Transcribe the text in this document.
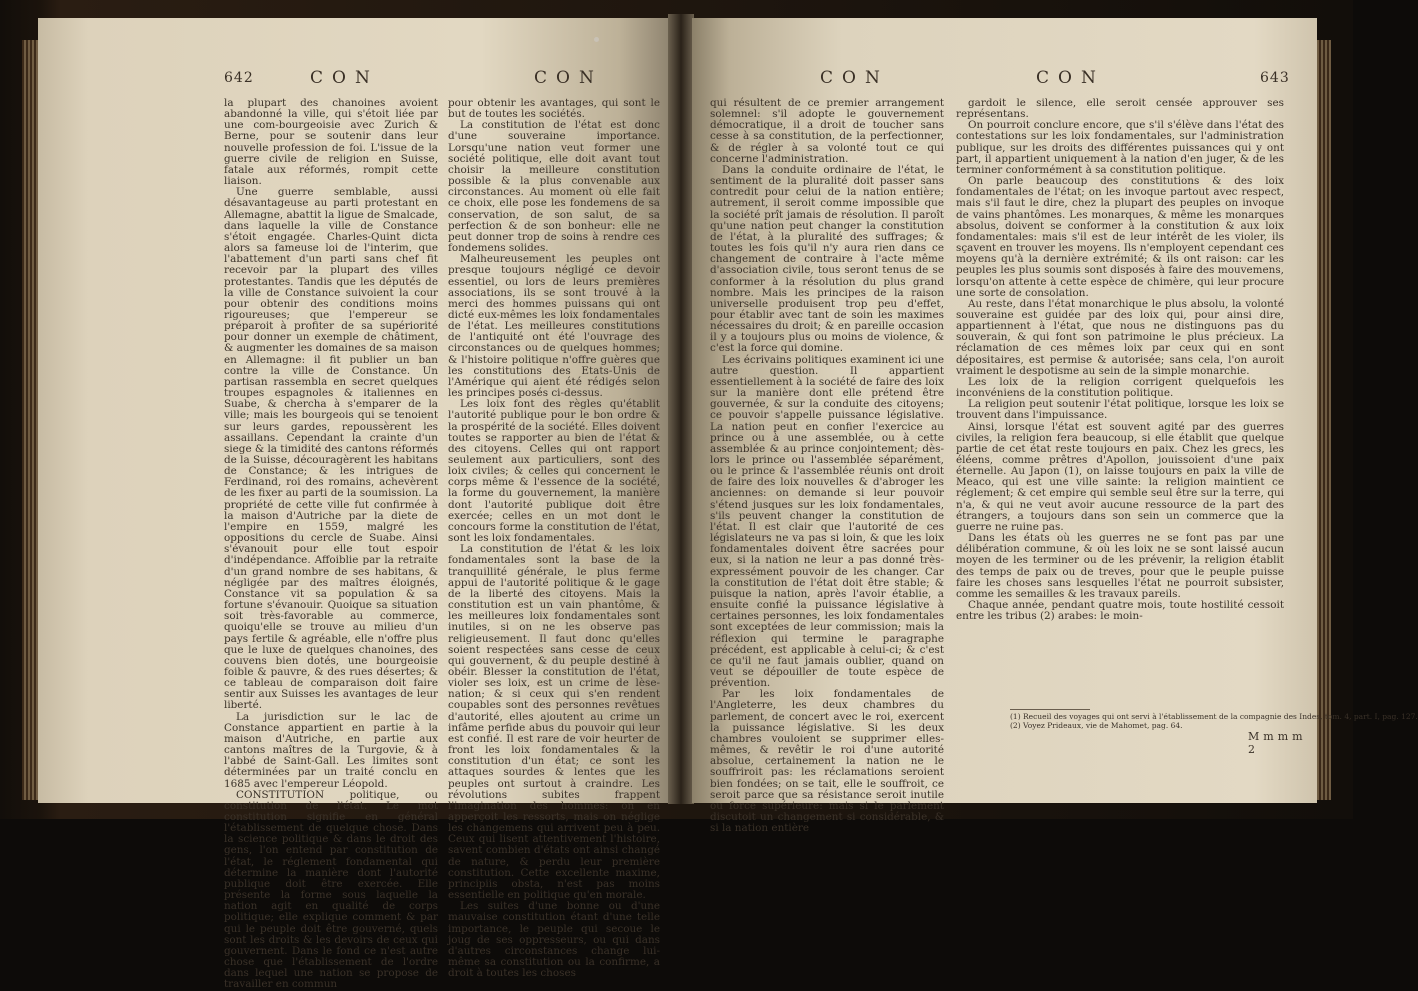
642	CON	CON

la plupart des chanoines avoient abandonné la ville, qui s'étoit liée par une com-bourgeoisie avec Zurich & Berne, pour se soutenir dans leur nouvelle profession de foi. L'issue de la guerre civile de religion en Suisse, fatale aux réformés, rompit cette liaison.

Une guerre semblable, aussi désavantageuse au parti protestant en Allemagne, abattit la ligue de Smalcade, dans laquelle la ville de Constance s'étoit engagée. Charles-Quint dicta alors sa fameuse loi de l'interim, que l'abattement d'un parti sans chef fit recevoir par la plupart des villes protestantes. Tandis que les députés de la ville de Constance suivoient la cour pour obtenir des conditions moins rigoureuses; que l'empereur se préparoit à profiter de sa supériorité pour donner un exemple de châtiment, & augmenter les domaines de sa maison en Allemagne: il fit publier un ban contre la ville de Constance. Un partisan rassembla en secret quelques troupes espagnoles & italiennes en Suabe, & chercha à s'emparer de la ville; mais les bourgeois qui se tenoient sur leurs gardes, repoussèrent les assaillans. Cependant la crainte d'un siege & la timidité des cantons réformés de la Suisse, découragèrent les habitans de Constance; & les intrigues de Ferdinand, roi des romains, achevèrent de les fixer au parti de la soumission. La propriété de cette ville fut confirmée à la maison d'Autriche par la diete de l'empire en 1559, malgré les oppositions du cercle de Suabe. Ainsi s'évanouit pour elle tout espoir d'indépendance. Affoiblie par la retraite d'un grand nombre de ses habitans, & négligée par des maîtres éloignés, Constance vit sa population & sa fortune s'évanouir. Quoique sa situation soit très-favorable au commerce, quoiqu'elle se trouve au milieu d'un pays fertile & agréable, elle n'offre plus que le luxe de quelques chanoines, des couvens bien dotés, une bourgeoisie foible & pauvre, & des rues désertes; & ce tableau de comparaison doit faire sentir aux Suisses les avantages de leur liberté.

La jurisdiction sur le lac de Constance appartient en partie à la maison d'Autriche, en partie aux cantons maîtres de la Turgovie, & à l'abbé de Saint-Gall. Les limites sont déterminées par un traité conclu en 1685 avec l'empereur Léopold.

CONSTITUTION politique, ou constitution de l'état. Le mot constitution signifie en général l'établissement de quelque chose. Dans la science politique & dans le droit des gens, l'on entend par constitution de l'état, le réglement fondamental qui détermine la manière dont l'autorité publique doit être exercée. Elle présente la forme sous laquelle la nation agit en qualité de corps politique; elle explique comment & par qui le peuple doit être gouverné, quels sont les droits & les devoirs de ceux qui gouvernent. Dans le fond ce n'est autre chose que l'établissement de l'ordre dans lequel une nation se propose de travailler en commun

pour obtenir les avantages, qui sont le but de toutes les sociétés.

La constitution de l'état est donc d'une souveraine importance. Lorsqu'une nation veut former une société politique, elle doit avant tout choisir la meilleure constitution possible & la plus convenable aux circonstances. Au moment où elle fait ce choix, elle pose les fondemens de sa conservation, de son salut, de sa perfection & de son bonheur: elle ne peut donner trop de soins à rendre ces fondemens solides.

Malheureusement les peuples ont presque toujours négligé ce devoir essentiel, ou lors de leurs premières associations, ils se sont trouvé à la merci des hommes puissans qui ont dicté eux-mêmes les loix fondamentales de l'état. Les meilleures constitutions de l'antiquité ont été l'ouvrage des circonstances ou de quelques hommes; & l'histoire politique n'offre guères que les constitutions des Etats-Unis de l'Amérique qui aient été rédigés selon les principes posés ci-dessus.

Les loix font des règles qu'établit l'autorité publique pour le bon ordre & la prospérité de la société. Elles doivent toutes se rapporter au bien de l'état & des citoyens. Celles qui ont rapport seulement aux particuliers, sont des loix civiles; & celles qui concernent le corps même & l'essence de la société, la forme du gouvernement, la manière dont l'autorité publique doit être exercée; celles en un mot dont le concours forme la constitution de l'état, sont les loix fondamentales.

La constitution de l'état & les loix fondamentales sont la base de la tranquillité générale, le plus ferme appui de l'autorité politique & le gage de la liberté des citoyens. Mais la constitution est un vain phantôme, & les meilleures loix fondamentales sont inutiles, si on ne les observe pas religieusement. Il faut donc qu'elles soient respectées sans cesse de ceux qui gouvernent, & du peuple destiné à obéir. Blesser la constitution de l'état, violer ses loix, est un crime de lèse-nation; & si ceux qui s'en rendent coupables sont des personnes revêtues d'autorité, elles ajoutent au crime un infâme perfide abus du pouvoir qui leur est confié. Il est rare de voir heurter de front les loix fondamentales & la constitution d'un état; ce sont les attaques sourdes & lentes que les peuples ont surtout à craindre. Les révolutions subites frappent l'imagination des hommes: on en apperçoit les ressorts, mais on néglige les changemens qui arrivent peu à peu. Ceux qui lisent attentivement l'histoire, savent combien d'états ont ainsi changé de nature, & perdu leur première constitution. Cette excellente maxime, principiis obsta, n'est pas moins essentielle en politique qu'en morale.

Les suites d'une bonne ou d'une mauvaise constitution étant d'une telle importance, le peuple qui secoue le joug de ses oppresseurs, ou qui dans d'autres circonstances change lui-même sa constitution ou la confirme, a droit à toutes les choses

CON	CON	643

qui résultent de ce premier arrangement solemnel: s'il adopte le gouvernement démocratique, il a droit de toucher sans cesse à sa constitution, de la perfectionner, & de régler à sa volonté tout ce qui concerne l'administration.

Dans la conduite ordinaire de l'état, le sentiment de la pluralité doit passer sans contredit pour celui de la nation entière; autrement, il seroit comme impossible que la société prît jamais de résolution. Il paroît qu'une nation peut changer la constitution de l'état, à la pluralité des suffrages; & toutes les fois qu'il n'y aura rien dans ce changement de contraire à l'acte même d'association civile, tous seront tenus de se conformer à la résolution du plus grand nombre. Mais les principes de la raison universelle produisent trop peu d'effet, pour établir avec tant de soin les maximes nécessaires du droit; & en pareille occasion il y a toujours plus ou moins de violence, & c'est la force qui domine.

Les écrivains politiques examinent ici une autre question. Il appartient essentiellement à la société de faire des loix sur la manière dont elle prétend être gouvernée, & sur la conduite des citoyens; ce pouvoir s'appelle puissance législative. La nation peut en confier l'exercice au prince ou à une assemblée, ou à cette assemblée & au prince conjointement; dès-lors le prince ou l'assemblée séparément, ou le prince & l'assemblée réunis ont droit de faire des loix nouvelles & d'abroger les anciennes: on demande si leur pouvoir s'étend jusques sur les loix fondamentales, s'ils peuvent changer la constitution de l'état. Il est clair que l'autorité de ces législateurs ne va pas si loin, & que les loix fondamentales doivent être sacrées pour eux, si la nation ne leur a pas donné très-expressément pouvoir de les changer. Car la constitution de l'état doit être stable; & puisque la nation, après l'avoir établie, a ensuite confié la puissance législative à certaines personnes, les loix fondamentales sont exceptées de leur commission; mais la réflexion qui termine le paragraphe précédent, est applicable à celui-ci; & c'est ce qu'il ne faut jamais oublier, quand on veut se dépouiller de toute espèce de prévention.

Par les loix fondamentales de l'Angleterre, les deux chambres du parlement, de concert avec le roi, exercent la puissance législative. Si les deux chambres vouloient se supprimer elles-mêmes, & revêtir le roi d'une autorité absolue, certainement la nation ne le souffriroit pas: les réclamations seroient bien fondées; on se tait, elle le souffroit, ce seroit parce que sa résistance seroit inutile ou force supérieure: mais si le parlement discutoit un changement si considérable, & si la nation entière

gardoit le silence, elle seroit censée approuver ses représentans.

On pourroit conclure encore, que s'il s'élève dans l'état des contestations sur les loix fondamentales, sur l'administration publique, sur les droits des différentes puissances qui y ont part, il appartient uniquement à la nation d'en juger, & de les terminer conformément à sa constitution politique.

On parle beaucoup des constitutions & des loix fondamentales de l'état; on les invoque partout avec respect, mais s'il faut le dire, chez la plupart des peuples on invoque de vains phantômes. Les monarques, & même les monarques absolus, doivent se conformer à la constitution & aux loix fondamentales: mais s'il est de leur intérêt de les violer, ils sçavent en trouver les moyens. Ils n'employent cependant ces moyens qu'à la dernière extrémité; & ils ont raison: car les peuples les plus soumis sont disposés à faire des mouvemens, lorsqu'on attente à cette espèce de chimère, qui leur procure une sorte de consolation.

Au reste, dans l'état monarchique le plus absolu, la volonté souveraine est guidée par des loix qui, pour ainsi dire, appartiennent à l'état, que nous ne distinguons pas du souverain, & qui font son patrimoine le plus précieux. La réclamation de ces mêmes loix par ceux qui en sont dépositaires, est permise & autorisée; sans cela, l'on auroit vraiment le despotisme au sein de la simple monarchie.

Les loix de la religion corrigent quelquefois les inconvéniens de la constitution politique.

La religion peut soutenir l'état politique, lorsque les loix se trouvent dans l'impuissance.

Ainsi, lorsque l'état est souvent agité par des guerres civiles, la religion fera beaucoup, si elle établit que quelque partie de cet état reste toujours en paix. Chez les grecs, les éléens, comme prêtres d'Apollon, jouissoient d'une paix éternelle. Au Japon (1), on laisse toujours en paix la ville de Meaco, qui est une ville sainte: la religion maintient ce réglement; & cet empire qui semble seul être sur la terre, qui n'a, & qui ne veut avoir aucune ressource de la part des étrangers, a toujours dans son sein un commerce que la guerre ne ruine pas.

Dans les états où les guerres ne se font pas par une délibération commune, & où les loix ne se sont laissé aucun moyen de les terminer ou de les prévenir, la religion établit des temps de paix ou de treves, pour que le peuple puisse faire les choses sans lesquelles l'état ne pourroit subsister, comme les semailles & les travaux pareils.

Chaque année, pendant quatre mois, toute hostilité cessoit entre les tribus (2) arabes: le moin-

(1) Recueil des voyages qui ont servi à l'établissement de la compagnie des Indes, tom. 4, part. I, pag. 127.
(2) Voyez Prideaux, vie de Mahomet, pag. 64.
Mmmm 2
